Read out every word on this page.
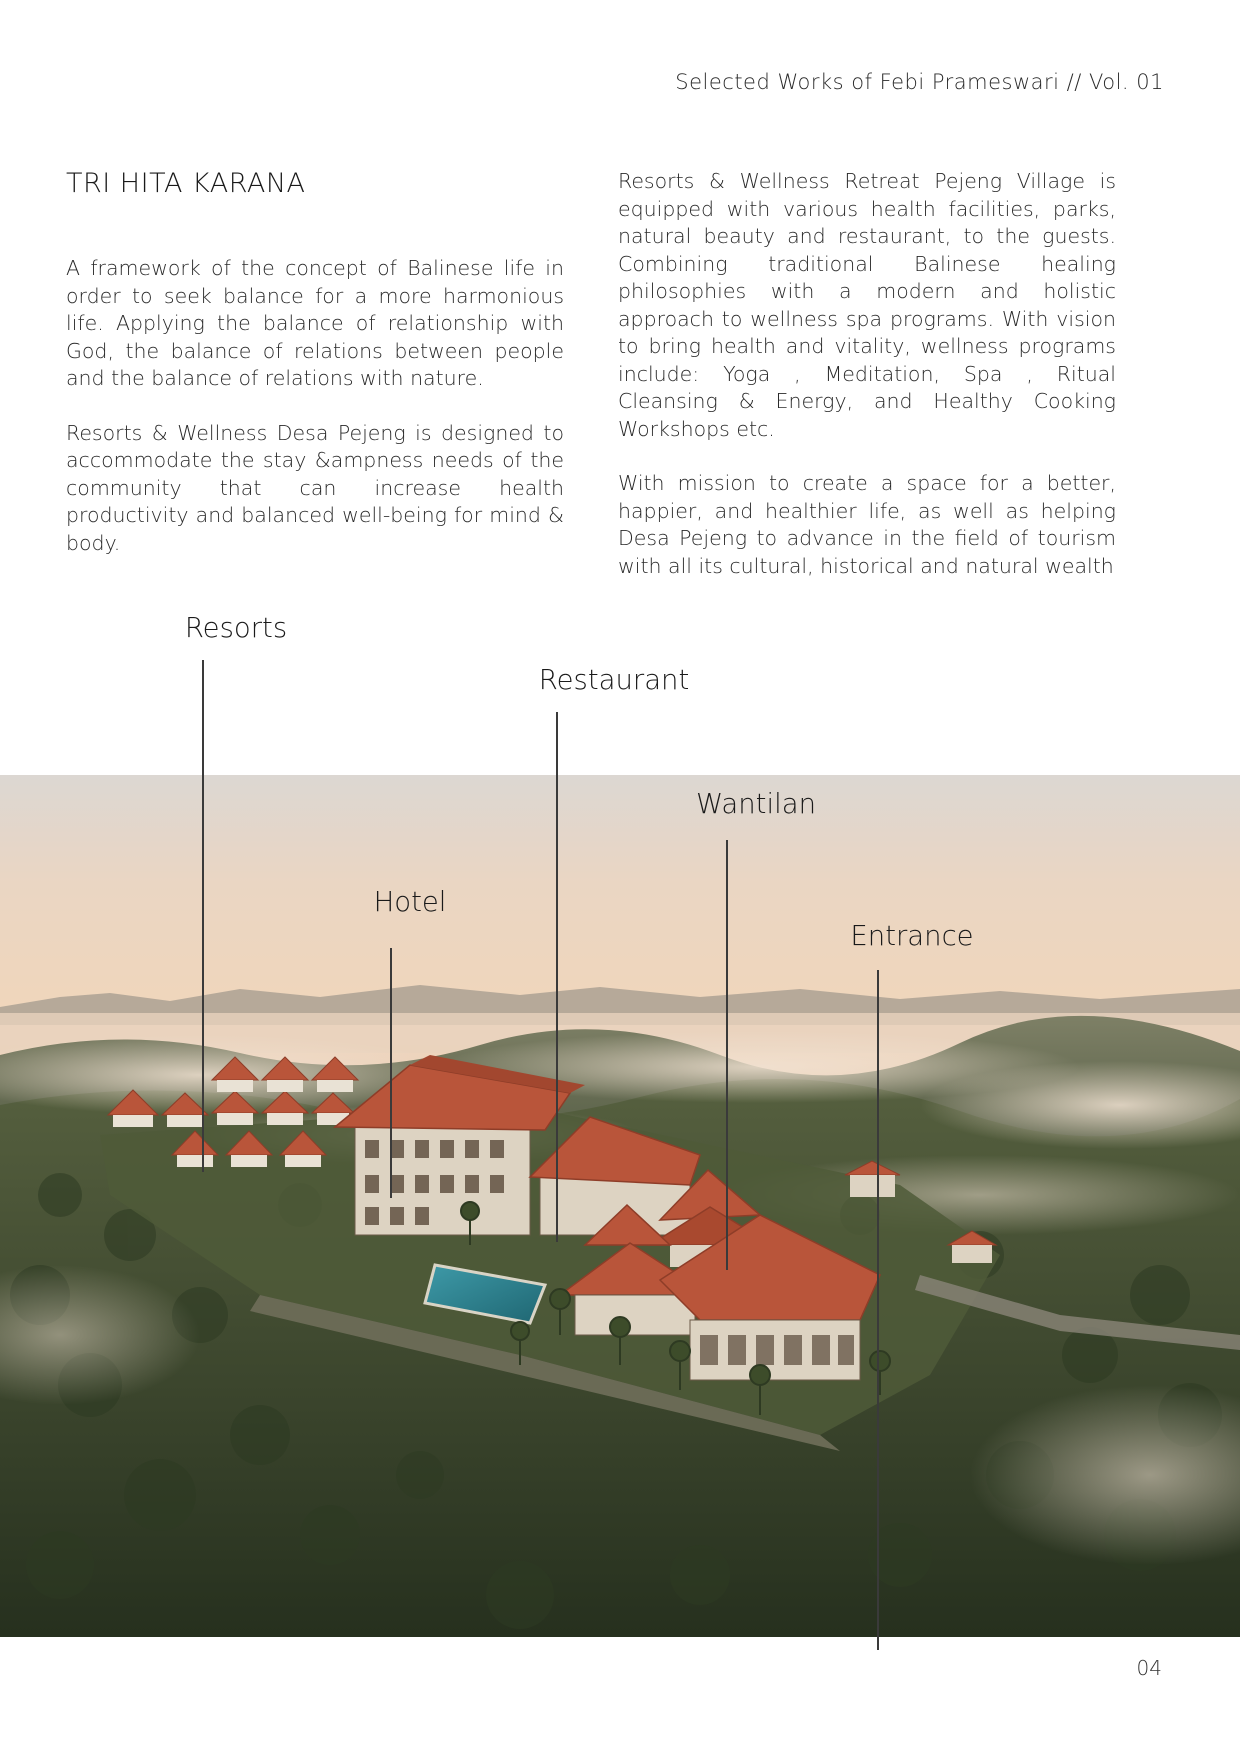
Selected Works of Febi Prameswari // Vol. 01
TRI HITA KARANA

A framework of the concept of Balinese life in order to seek balance for a more harmonious life. Applying the balance of relationship with God, the balance of relations between people and the balance of relations with nature.

Resorts & Wellness Desa Pejeng is designed to accommodate the stay &ampness needs of the community that can increase health productivity and balanced well-being for mind & body.

Resorts & Wellness Retreat Pejeng Village is equipped with various health facilities, parks, natural beauty and restaurant, to the guests. Combining traditional Balinese healing philosophies with a modern and holistic approach to wellness spa programs. With vision to bring health and vitality, wellness programs include: Yoga , Meditation, Spa , Ritual Cleansing & Energy, and Healthy Cooking Workshops etc.

With mission to create a space for a better, happier, and healthier life, as well as helping Desa Pejeng to advance in the field of tourism with all its cultural, historical and natural wealth

Resorts
Restaurant
Wantilan
Hotel
Entrance
04
